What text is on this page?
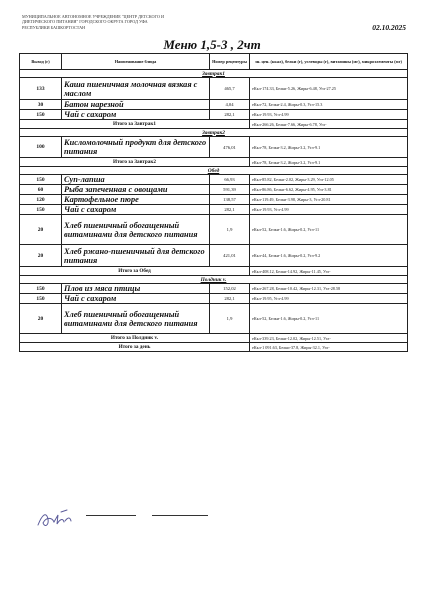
МУНИЦИПАЛЬНОЕ АВТОНОМНОЕ УЧРЕЖДЕНИЕ "ЦЕНТР ДЕТСКОГО И
ДИЕТИЧЕСКОГО ПИТАНИЯ" ГОРОДСКОГО ОКРУГА ГОРОД УФА
РЕСПУБЛИКИ БАШКОРТОСТАН	02.10.2025
Меню 1,5-3 , 2чт
Выход (г)	Наименование блюда	Номер рецептуры	эн. цен. (ккал), белки (г), углеводы (г), витамины (мг), микроэлементы (мг)
Завтрак1			
133	Каша пшеничная молочная вязкая с маслом	465,7	еКкл-174.33, Белки-5.26, Жиры-6.48, Угл-27.25
30	Батон нарезной	4,04	еКкл-72, Белки-2.4, Жиры-0.3, Угл-15.3
150	Чай с сахаром	282,1	еКкл-19.93, Угл-4.99
Итого за Завтрак1			еКкл-266.26, Белки-7.66, Жиры-6.78, Угл-
Завтрак2			
100	Кисломолочный продукт для детского питания	476,01	еКкл-78, Белки-3.2, Жиры-3.2, Угл-9.1
Итого за Завтрак2			еКкл-78, Белки-3.2, Жиры-3.2, Угл-9.1
Обед			
150	Суп-лапша	66,93	еКкл-85.82, Белки-2.02, Жиры-3.29, Угл-12.05
60	Рыба запеченная с овощами	591,39	еКкл-86.86, Белки-6.62, Жиры-4.95, Угл-3.81
120	Картофельное пюре	138,57	еКкл-119.49, Белки-3.98, Жиры-3, Угл-20.81
150	Чай с сахаром	282,1	еКкл-19.93, Угл-4.99
20	Хлеб пшеничный обогащенный витаминами для детского питания	1,9	еКкл-52, Белки-1.6, Жиры-0.2, Угл-11
20	Хлеб ржано-пшеничный для детского питания	421,01	еКкл-44, Белки-1.6, Жиры-0.2, Угл-9.2
Итого за Обед			еКкл-408.12, Белки-14.92, Жиры-11.45, Угл-
Полдник v.			
150	Плов из мяса птицы	152,02	еКкл-267.28, Белки-10.42, Жиры-12.31, Угл-28.58
150	Чай с сахаром	282,1	еКкл-19.95, Угл-4.99
20	Хлеб пшеничный обогащенный витаминами для детского питания	1,9	еКкл-52, Белки-1.6, Жиры-0.2, Угл-11
Итого за Полдник v.			еКкл-339.23, Белки-12.02, Жиры-12.51, Угл-
Итого за день			еКкл-1 091.63, Белки-37.8, Жиры-32.1, Угл-
